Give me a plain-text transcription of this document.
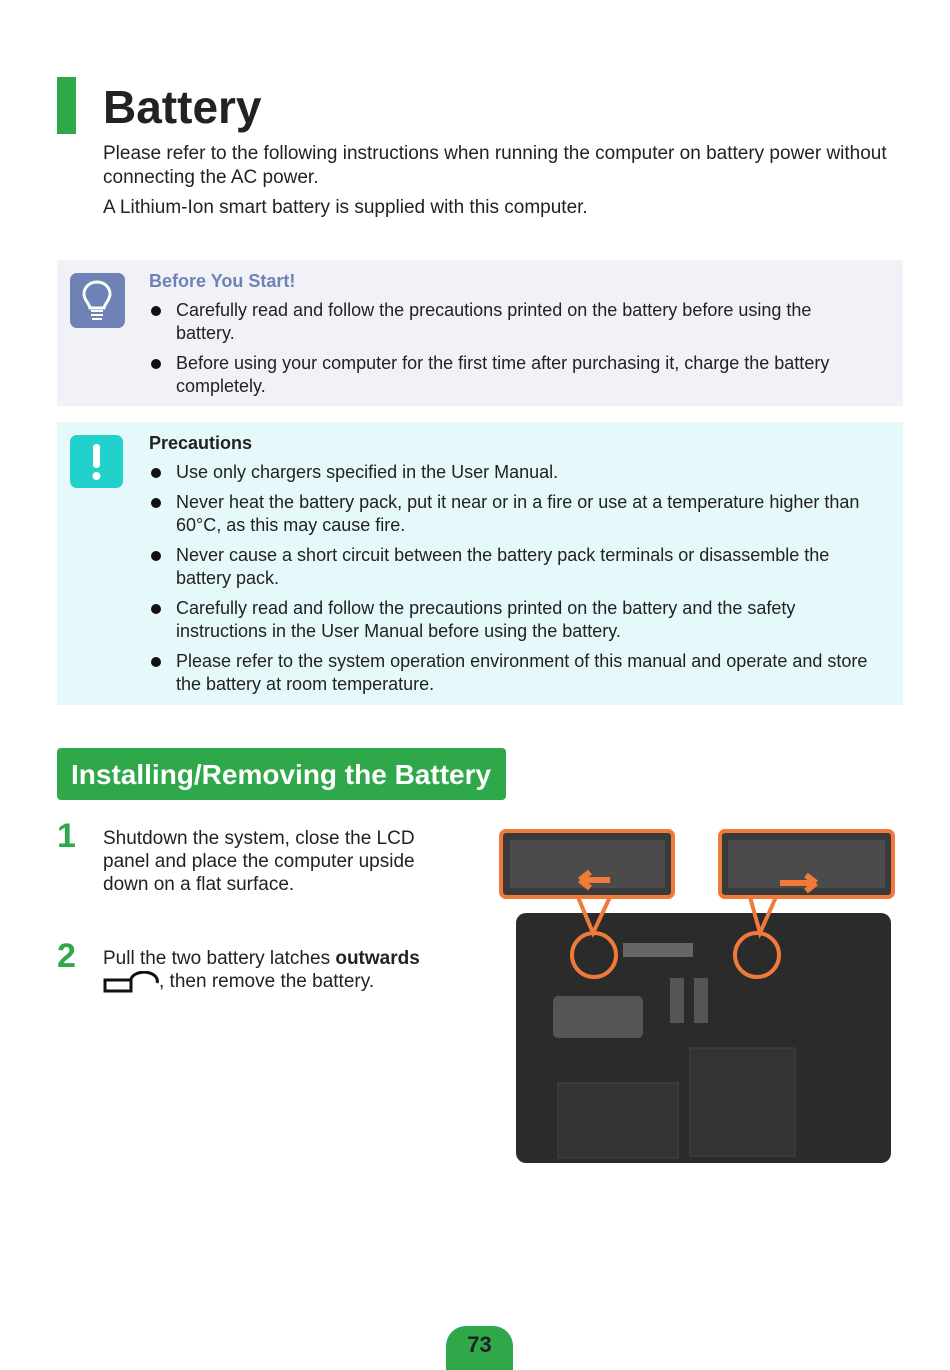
Battery

Please refer to the following instructions when running the computer on battery power without connecting the AC power.

A Lithium-Ion smart battery is supplied with this computer.

Before You Start!
Carefully read and follow the precautions printed on the battery before using the battery.
Before using your computer for the first time after purchasing it, charge the battery completely.
Precautions
Use only chargers specified in the User Manual.
Never heat the battery pack, put it near or in a fire or use at a temperature higher than 60°C, as this may cause fire.
Never cause a short circuit between the battery pack terminals or disassemble the battery pack.
Carefully read and follow the precautions printed on the battery and the safety instructions in the User Manual before using the battery.
Please refer to the system operation environment of this manual and operate and store the battery at room temperature.
Installing/Removing the Battery
1 Shutdown the system, close the LCD panel and place the computer upside down on a flat surface.
2 Pull the two battery latches outwards
, then remove the battery.
73
